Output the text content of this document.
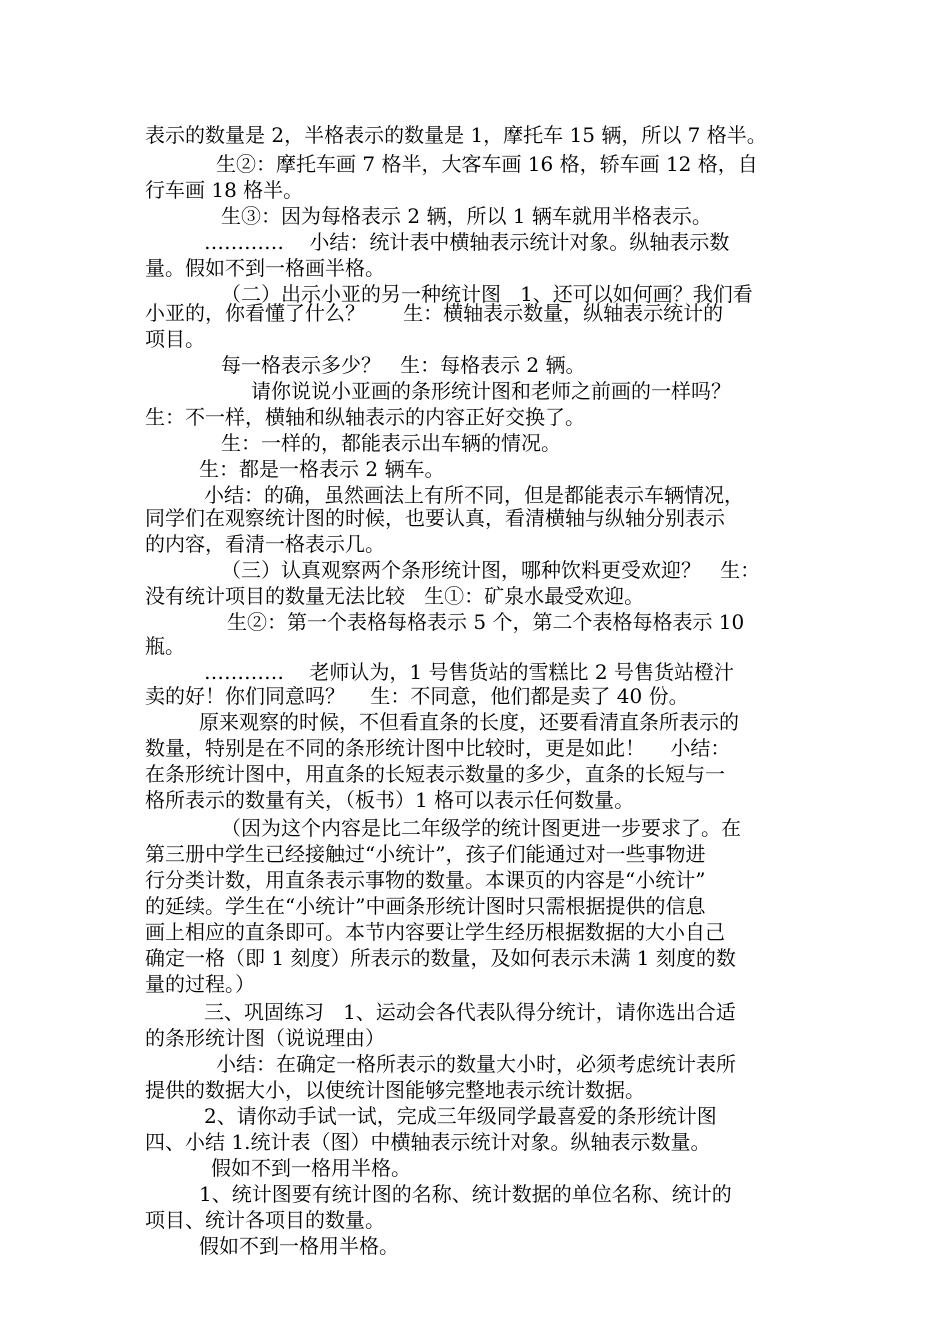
表示的数量是 2，半格表示的数量是 1，摩托车 15 辆，所以 7 格半。

生②：摩托车画 7 格半，大客车画 16 格，轿车画 12 格，自

行车画 18 格半。

生③：因为每格表示 2 辆，所以 1 辆车就用半格表示。

…………    小结：统计表中横轴表示统计对象。纵轴表示数

量。假如不到一格画半格。

（二）出示小亚的另一种统计图   1、还可以如何画？我们看

小亚的，你看懂了什么？      生：横轴表示数量，纵轴表示统计的

项目。

每一格表示多少？   生：每格表示 2 辆。

请你说说小亚画的条形统计图和老师之前画的一样吗？

生：不一样，横轴和纵轴表示的内容正好交换了。

生：一样的，都能表示出车辆的情况。

生：都是一格表示 2 辆车。

小结：的确，虽然画法上有所不同，但是都能表示车辆情况，

同学们在观察统计图的时候，也要认真，看清横轴与纵轴分别表示

的内容，看清一格表示几。

（三）认真观察两个条形统计图，哪种饮料更受欢迎？   生：

没有统计项目的数量无法比较   生①：矿泉水最受欢迎。

生②：第一个表格每格表示 5 个，第二个表格每格表示 10

瓶。

…………    老师认为，1 号售货站的雪糕比 2 号售货站橙汁

卖的好！你们同意吗？    生：不同意，他们都是卖了 40 份。

原来观察的时候，不但看直条的长度，还要看清直条所表示的

数量，特别是在不同的条形统计图中比较时，更是如此！    小结：

在条形统计图中，用直条的长短表示数量的多少，直条的长短与一

格所表示的数量有关，（板书）1 格可以表示任何数量。

（因为这个内容是比二年级学的统计图更进一步要求了。在

第三册中学生已经接触过“小统计”，孩子们能通过对一些事物进

行分类计数，用直条表示事物的数量。本课页的内容是“小统计”

的延续。学生在“小统计”中画条形统计图时只需根据提供的信息

画上相应的直条即可。本节内容要让学生经历根据数据的大小自己

确定一格（即 1 刻度）所表示的数量，及如何表示未满 1 刻度的数

量的过程。）

三、巩固练习   1、运动会各代表队得分统计，请你选出合适

的条形统计图（说说理由）

小结：在确定一格所表示的数量大小时，必须考虑统计表所

提供的数据大小，以使统计图能够完整地表示统计数据。

2、请你动手试一试，完成三年级同学最喜爱的条形统计图

四、小结 1.统计表（图）中横轴表示统计对象。纵轴表示数量。

假如不到一格用半格。

1、统计图要有统计图的名称、统计数据的单位名称、统计的

项目、统计各项目的数量。

假如不到一格用半格。
